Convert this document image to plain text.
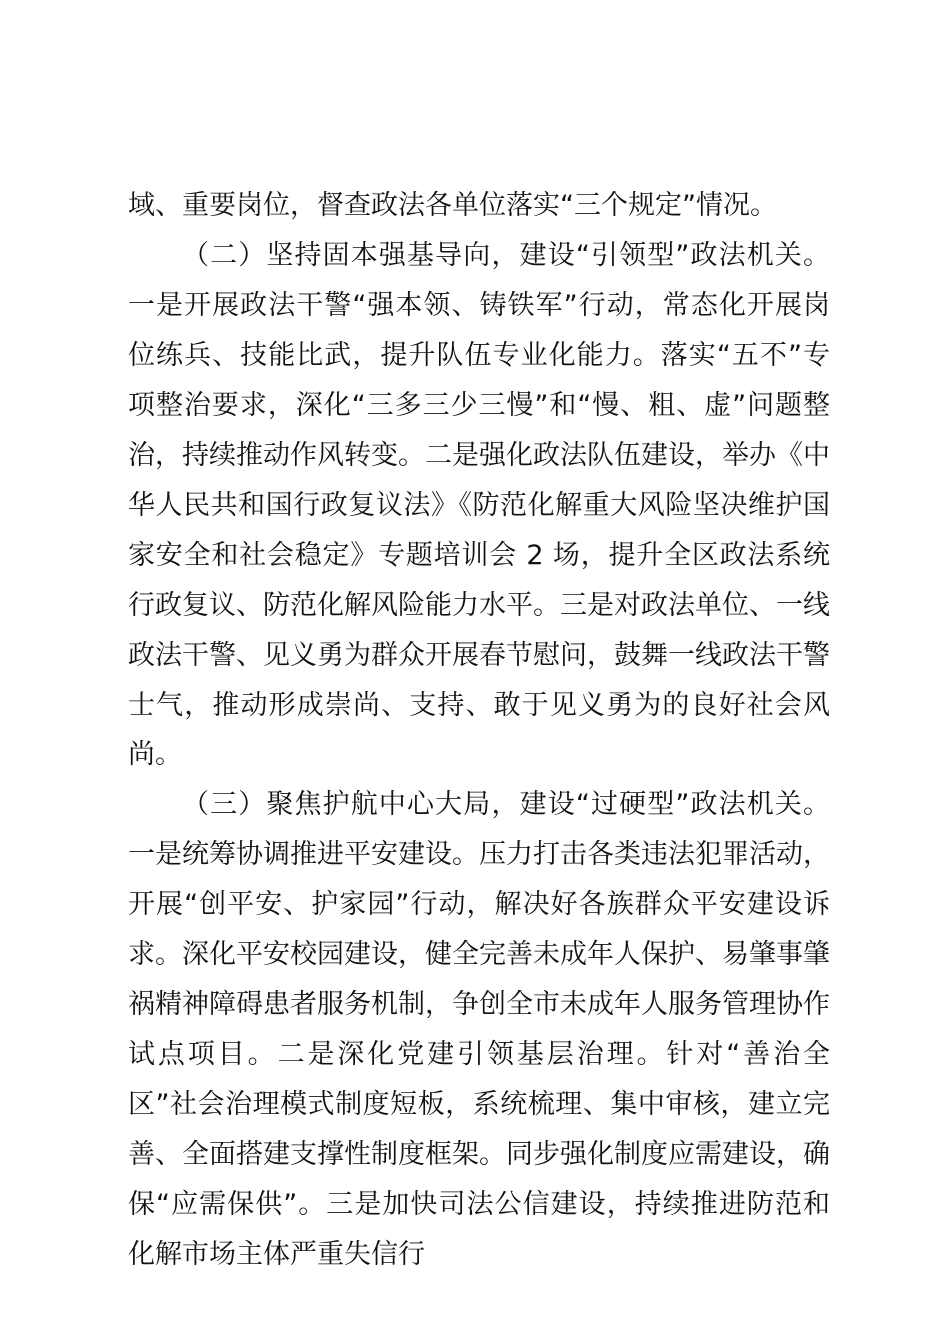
域、重要岗位，督查政法各单位落实“三个规定”情况。

（二）坚持固本强基导向，建设“引领型”政法机关。一是开展政法干警“强本领、铸铁军”行动，常态化开展岗位练兵、技能比武，提升队伍专业化能力。落实“五不”专项整治要求，深化“三多三少三慢”和“慢、粗、虚”问题整治，持续推动作风转变。二是强化政法队伍建设，举办《中华人民共和国行政复议法》《防范化解重大风险坚决维护国家安全和社会稳定》专题培训会 2 场，提升全区政法系统行政复议、防范化解风险能力水平。三是对政法单位、一线政法干警、见义勇为群众开展春节慰问，鼓舞一线政法干警士气，推动形成崇尚、支持、敢于见义勇为的良好社会风尚。

（三）聚焦护航中心大局，建设“过硬型”政法机关。一是统筹协调推进平安建设。压力打击各类违法犯罪活动，开展“创平安、护家园”行动，解决好各族群众平安建设诉求。深化平安校园建设，健全完善未成年人保护、易肇事肇祸精神障碍患者服务机制，争创全市未成年人服务管理协作试点项目。二是深化党建引领基层治理。针对“善治全区”社会治理模式制度短板，系统梳理、集中审核，建立完善、全面搭建支撑性制度框架。同步强化制度应需建设，确保“应需保供”。三是加快司法公信建设，持续推进防范和化解市场主体严重失信行
